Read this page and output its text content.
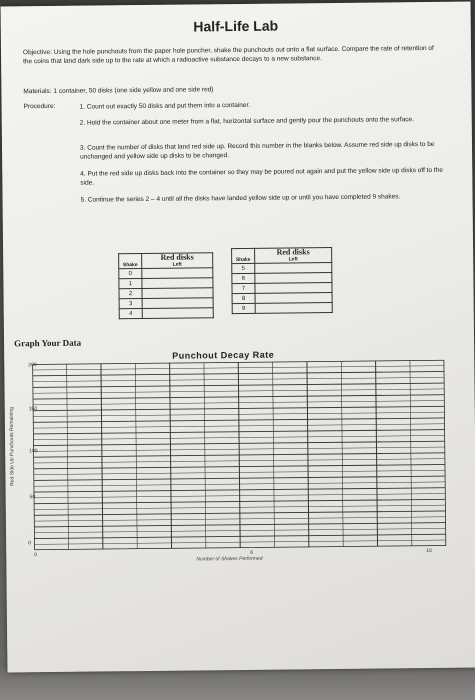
Half-Life Lab
Objective: Using the hole punchouts from the paper hole puncher, shake the punchouts out onto a flat surface. Compare the rate of retention of the coins that land dark side up to the rate at which a radioactive substance decays to a new substance.
Materials: 1 container, 50 disks (one side yellow and one side red)
Procedure:	1. Count out exactly 50 disks and put them into a container.
2. Hold the container about one meter from a flat, horizontal surface and gently pour the punchouts onto the surface.
3. Count the number of disks that land red side up. Record this number in the blanks below. Assume red side up disks to be unchanged and yellow side up disks to be changed.
4. Put the red side up disks back into the container so they may be poured out again and put the yellow side up disks off to the side.
5. Continue the series 2 – 4 until all the disks have landed yellow side up or until you have completed 9 shakes.
Shake	Red disks
Left

0	
1	
2	
3	
4	
Shake	Red disks
Left

5	
6	
7	
8	
9	
Graph Your Data
Punchout Decay Rate
Red Side Up Punchouts Remaining
Number of Shakes Performed
200
150
100
50
0
0	6	10
